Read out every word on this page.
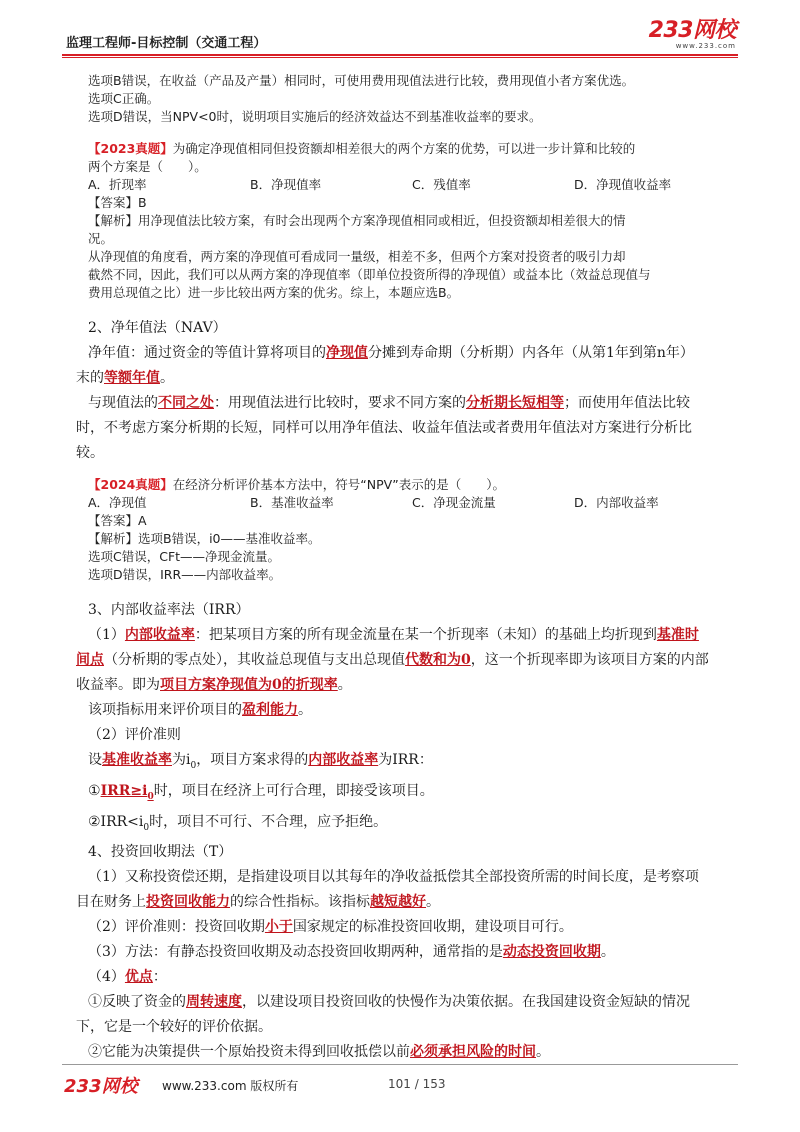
监理工程师-目标控制（交通工程）
233网校
www.233.com

选项B错误，在收益（产品及产量）相同时，可使用费用现值法进行比较，费用现值小者方案优选。

选项C正确。

选项D错误，当NPV<0时，说明项目实施后的经济效益达不到基准收益率的要求。

【2023真题】为确定净现值相同但投资额却相差很大的两个方案的优势，可以进一步计算和比较的

两个方案是（　　）。

A．折现率	B．净现值率	C．残值率	D．净现值收益率

【答案】B

【解析】用净现值法比较方案，有时会出现两个方案净现值相同或相近，但投资额却相差很大的情

况。

从净现值的角度看，两方案的净现值可看成同一量级，相差不多，但两个方案对投资者的吸引力却

截然不同，因此，我们可以从两方案的净现值率（即单位投资所得的净现值）或益本比（效益总现值与

费用总现值之比）进一步比较出两方案的优劣。综上，本题应选B。

2、净年值法（NAV）

净年值：通过资金的等值计算将项目的净现值分摊到寿命期（分析期）内各年（从第1年到第n年）

末的等额年值。

与现值法的不同之处：用现值法进行比较时，要求不同方案的分析期长短相等；而使用年值法比较

时，不考虑方案分析期的长短，同样可以用净年值法、收益年值法或者费用年值法对方案进行分析比

较。

【2024真题】在经济分析评价基本方法中，符号“NPV”表示的是（　　）。

A．净现值	B．基准收益率	C．净现金流量	D．内部收益率

【答案】A

【解析】选项B错误，i0——基准收益率。

选项C错误，CFt——净现金流量。

选项D错误，IRR——内部收益率。

3、内部收益率法（IRR）

（1）内部收益率：把某项目方案的所有现金流量在某一个折现率（未知）的基础上均折现到基准时

间点（分析期的零点处），其收益总现值与支出总现值代数和为0，这一个折现率即为该项目方案的内部

收益率。即为项目方案净现值为0的折现率。

该项指标用来评价项目的盈利能力。

（2）评价准则

设基准收益率为$i_0$，项目方案求得的内部收益率为IRR：

$①IRR\ge i_0$时，项目在经济上可行合理，即接受该项目。

$②IRR<i_0$时，项目不可行、不合理，应予拒绝。

4、投资回收期法（T）

（1）又称投资偿还期，是指建设项目以其每年的净收益抵偿其全部投资所需的时间长度，是考察项

目在财务上投资回收能力的综合性指标。该指标越短越好。

（2）评价准则：投资回收期小于国家规定的标准投资回收期，建设项目可行。

（3）方法：有静态投资回收期及动态投资回收期两种，通常指的是动态投资回收期。

（4）优点：

①反映了资金的周转速度，以建设项目投资回收的快慢作为决策依据。在我国建设资金短缺的情况

下，它是一个较好的评价依据。

②它能为决策提供一个原始投资未得到回收抵偿以前必须承担风险的时间。

233网校 www.233.com 版权所有	101 / 153
